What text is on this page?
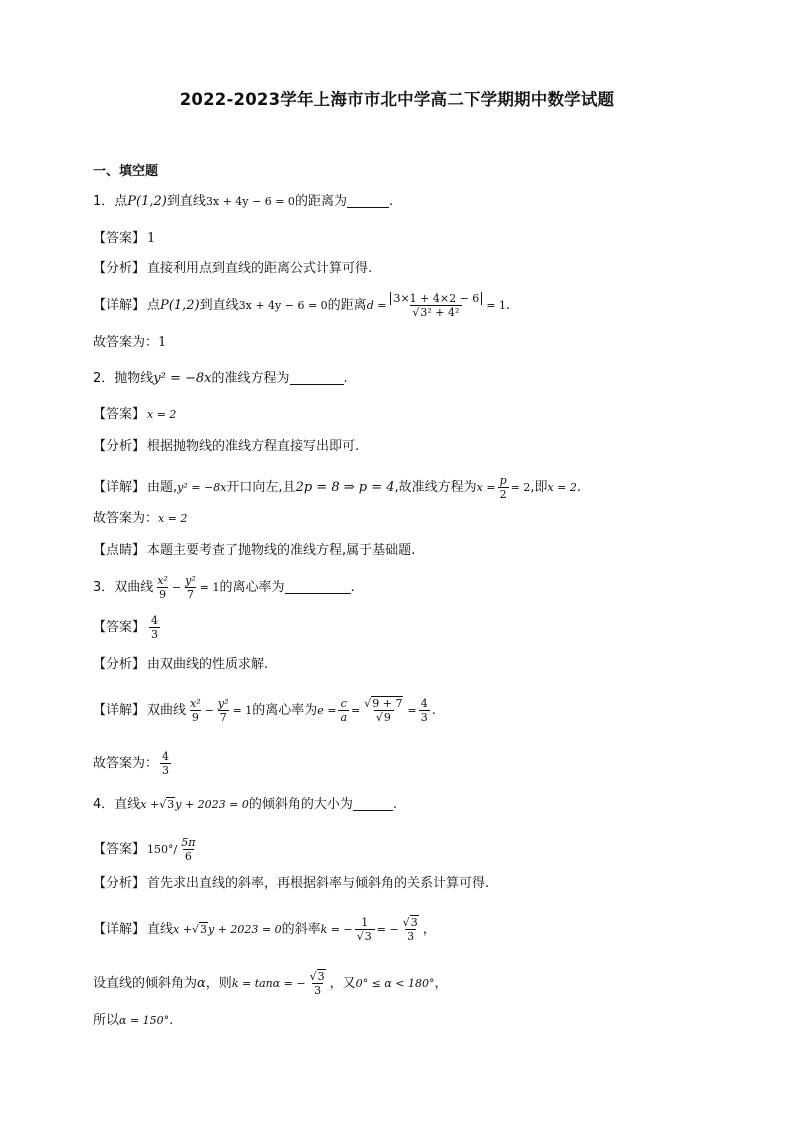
2022-2023学年上海市市北中学高二下学期期中数学试题
一、填空题
1． 点 P(1,2) 到直线 3x + 4y − 6 = 0 的距离为	.
【答案】 1
【分析】 直接利用点到直线的距离公式计算可得.
【详解】 点 P(1,2) 到直线 3x + 4y − 6 = 0 的距离 $d = \frac{3\times 1 + 4\times 2 - 6}{\text{√3² + 4²}} = 1$ .
故答案为： 1
2． 抛物线 y² = −8x 的准线方程为	.
【答案】 x = 2
【分析】 根据抛物线的准线方程直接写出即可.
【详解】 由题, y² = −8x 开口向左,且 2p = 8 ⇒ p = 4 ,故准线方程为 $x = \frac{p}{2} = 2$ ,即 x = 2 .
故答案为： x = 2
【点睛】 本题主要考查了抛物线的准线方程,属于基础题.
3． 双曲线 $\frac{\text{x²}}{9} - \frac{\text{y²}}{7} = 1$ 的离心率为	.
【答案】 $\frac{4}{3}$
【分析】 由双曲线的性质求解.
【详解】 双曲线 $\frac{\text{x²}}{9} - \frac{\text{y²}}{7} = 1$ 的离心率为 $e = \frac{c}{a} = \frac{√9 + 7}{√9} = \frac{4}{3}$ .
故答案为： $\frac{4}{3}$
4． 直线 x + √3 y + 2023 = 0 的倾斜角的大小为	.
【答案】 $150^\circ/ \frac{5\pi}{6}$
【分析】 首先求出直线的斜率，再根据斜率与倾斜角的关系计算可得.
【详解】 直线 x + √3 y + 2023 = 0 的斜率 k = − $\frac{1}{√3}$ = − $\frac{√3}{3}$ ，
设直线的倾斜角为 α ，则 k = tanα = − $\frac{√3}{3}$ ，又 0° ≤ α < 180° ，
所以 α = 150° .
